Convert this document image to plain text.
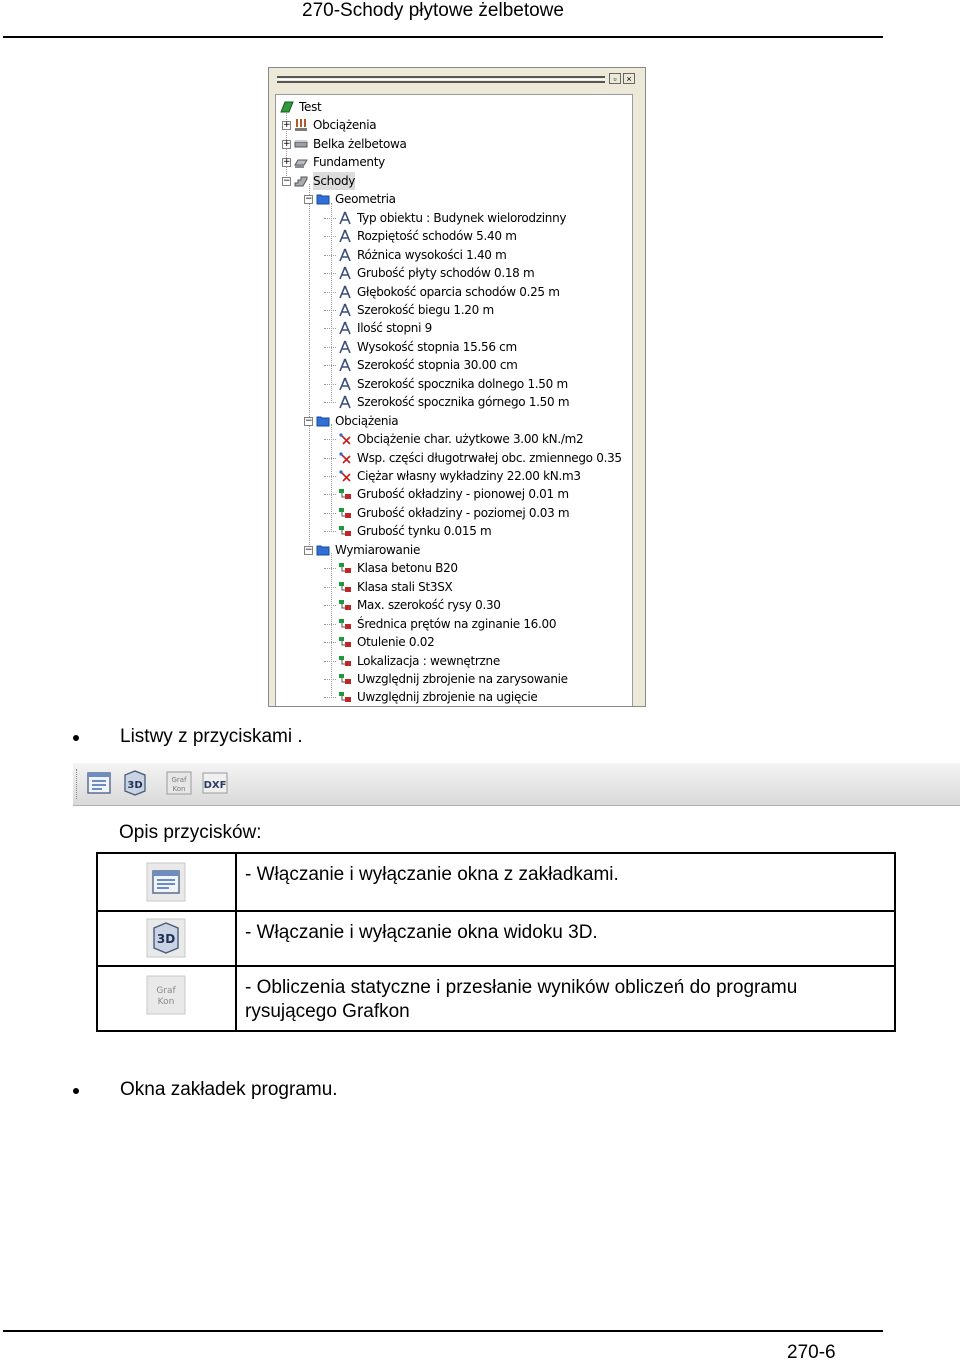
270-Schody płytowe żelbetowe
▫	×
Test
+ Obciążenia
+ Belka żelbetowa
+ Fundamenty
− Schody
− Geometria
Typ obiektu : Budynek wielorodzinny
Rozpiętość schodów 5.40 m
Różnica wysokości 1.40 m
Grubość płyty schodów 0.18 m
Głębokość oparcia schodów 0.25 m
Szerokość biegu 1.20 m
Ilość stopni 9
Wysokość stopnia 15.56 cm
Szerokość stopnia 30.00 cm
Szerokość spocznika dolnego 1.50 m
Szerokość spocznika górnego 1.50 m
− Obciążenia
Obciążenie char. użytkowe 3.00 kN./m2
Wsp. części długotrwałej obc. zmiennego 0.35
Ciężar własny wykładziny 22.00 kN.m3
Grubość okładziny - pionowej 0.01 m
Grubość okładziny - poziomej 0.03 m
Grubość tynku 0.015 m
− Wymiarowanie
Klasa betonu B20
Klasa stali St3SX
Max. szerokość rysy 0.30
Średnica prętów na zginanie 16.00
Otulenie 0.02
Lokalizacja : wewnętrzne
Uwzględnij zbrojenie na zarysowanie
Uwzględnij zbrojenie na ugięcie
Listwy z przyciskami .
3D	Graf
Kon DXF
Opis przycisków:
	- Włączanie i wyłączanie okna z zakładkami.

3D	- Włączanie i wyłączanie okna widoku 3D.

Graf
Kon	- Obliczenia statyczne i przesłanie wyników obliczeń do programu rysującego Grafkon
Okna zakładek programu.
270-6
